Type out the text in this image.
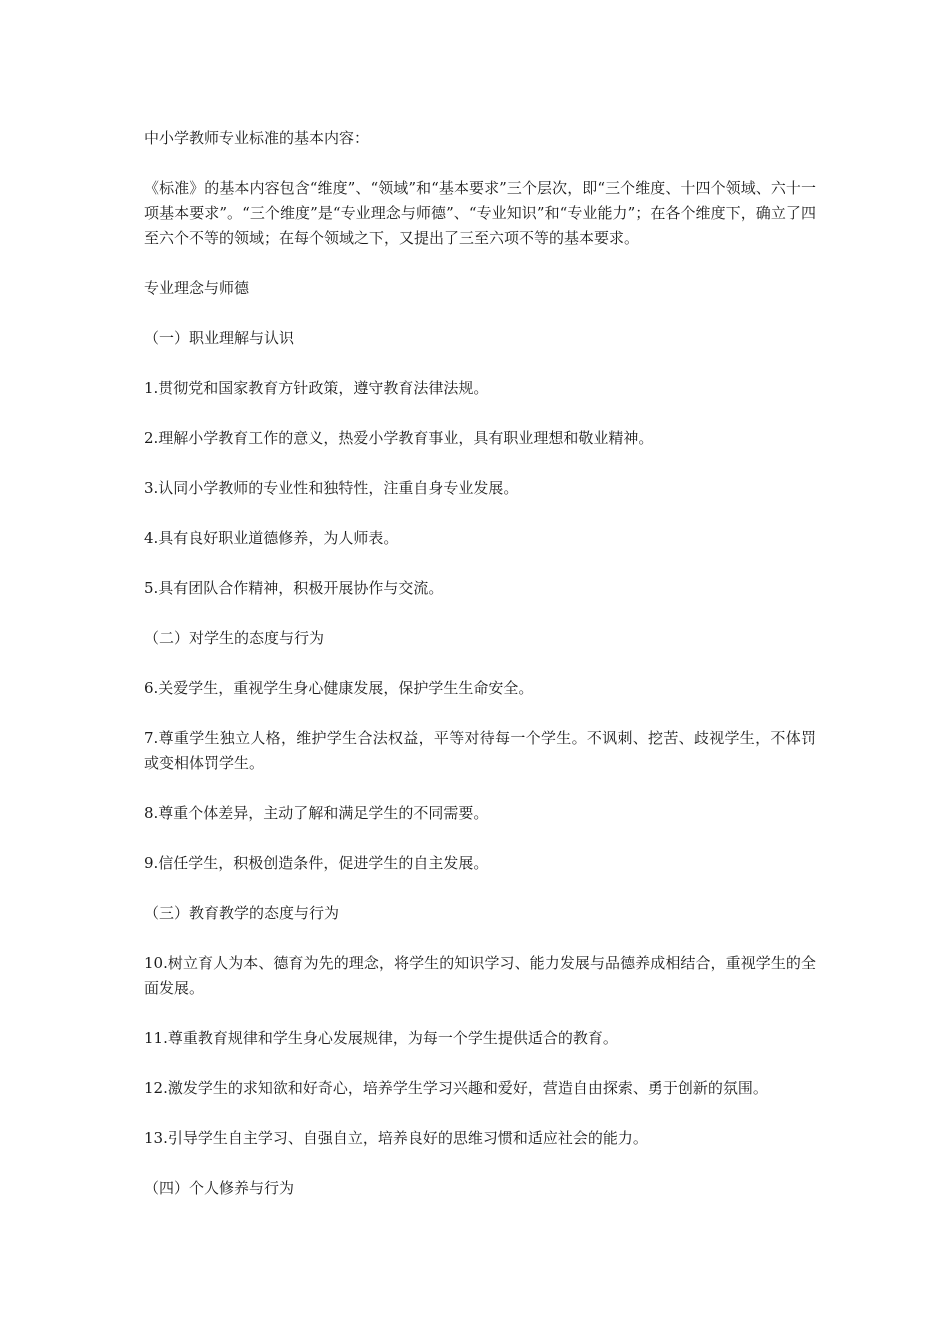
中小学教师专业标准的基本内容：

《标准》的基本内容包含“维度”、“领域”和“基本要求”三个层次，即“三个维度、十四个领域、六十一项基本要求”。“三个维度”是“专业理念与师德”、“专业知识”和“专业能力”；在各个维度下，确立了四至六个不等的领域；在每个领域之下，又提出了三至六项不等的基本要求。

专业理念与师德

（一）职业理解与认识

1.贯彻党和国家教育方针政策，遵守教育法律法规。

2.理解小学教育工作的意义，热爱小学教育事业，具有职业理想和敬业精神。

3.认同小学教师的专业性和独特性，注重自身专业发展。

4.具有良好职业道德修养，为人师表。

5.具有团队合作精神，积极开展协作与交流。

（二）对学生的态度与行为

6.关爱学生，重视学生身心健康发展，保护学生生命安全。

7.尊重学生独立人格，维护学生合法权益，平等对待每一个学生。不讽刺、挖苦、歧视学生，不体罚或变相体罚学生。

8.尊重个体差异，主动了解和满足学生的不同需要。

9.信任学生，积极创造条件，促进学生的自主发展。

（三）教育教学的态度与行为

10.树立育人为本、德育为先的理念，将学生的知识学习、能力发展与品德养成相结合，重视学生的全面发展。

11.尊重教育规律和学生身心发展规律，为每一个学生提供适合的教育。

12.激发学生的求知欲和好奇心，培养学生学习兴趣和爱好，营造自由探索、勇于创新的氛围。

13.引导学生自主学习、自强自立，培养良好的思维习惯和适应社会的能力。

（四）个人修养与行为
